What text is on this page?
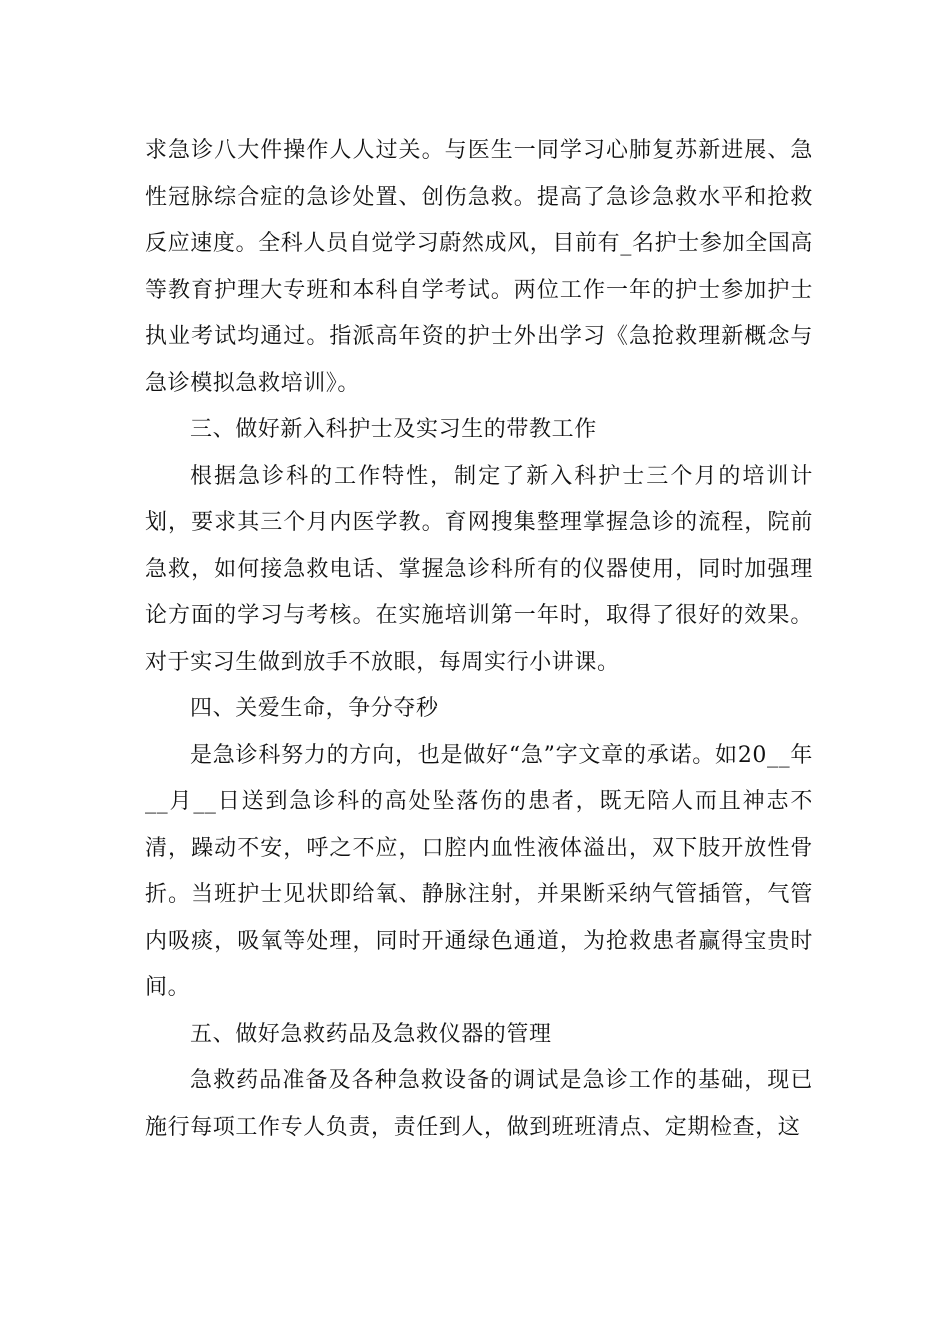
求急诊八大件操作人人过关。与医生一同学习心肺复苏新进展、急性冠脉综合症的急诊处置、创伤急救。提高了急诊急救水平和抢救反应速度。全科人员自觉学习蔚然成风，目前有_名护士参加全国高等教育护理大专班和本科自学考试。两位工作一年的护士参加护士执业考试均通过。指派高年资的护士外出学习《急抢救理新概念与急诊模拟急救培训》。

三、做好新入科护士及实习生的带教工作

根据急诊科的工作特性，制定了新入科护士三个月的培训计划，要求其三个月内医学教。育网搜集整理掌握急诊的流程，院前急救，如何接急救电话、掌握急诊科所有的仪器使用，同时加强理论方面的学习与考核。在实施培训第一年时，取得了很好的效果。对于实习生做到放手不放眼，每周实行小讲课。

四、关爱生命，争分夺秒

是急诊科努力的方向，也是做好“急”字文章的承诺。如20__年__月__日送到急诊科的高处坠落伤的患者，既无陪人而且神志不清，躁动不安，呼之不应，口腔内血性液体溢出，双下肢开放性骨折。当班护士见状即给氧、静脉注射，并果断采纳气管插管，气管内吸痰，吸氧等处理，同时开通绿色通道，为抢救患者赢得宝贵时间。

五、做好急救药品及急救仪器的管理

急救药品准备及各种急救设备的调试是急诊工作的基础，现已施行每项工作专人负责，责任到人，做到班班清点、定期检查，这
